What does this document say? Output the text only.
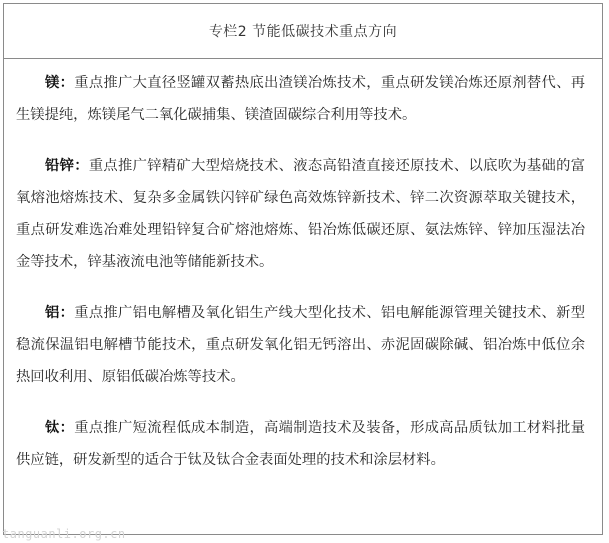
专栏2 节能低碳技术重点方向

镁：重点推广大直径竖罐双蓄热底出渣镁冶炼技术，重点研发镁冶炼还原剂替代、再生镁提纯，炼镁尾气二氧化碳捕集、镁渣固碳综合利用等技术。

铅锌：重点推广锌精矿大型焙烧技术、液态高铅渣直接还原技术、以底吹为基础的富氧熔池熔炼技术、复杂多金属铁闪锌矿绿色高效炼锌新技术、锌二次资源萃取关键技术，重点研发难选冶难处理铅锌复合矿熔池熔炼、铅冶炼低碳还原、氨法炼锌、锌加压湿法冶金等技术，锌基液流电池等储能新技术。

铝：重点推广铝电解槽及氧化铝生产线大型化技术、铝电解能源管理关键技术、新型稳流保温铝电解槽节能技术，重点研发氧化铝无钙溶出、赤泥固碳除碱、铝冶炼中低位余热回收利用、原铝低碳冶炼等技术。

钛：重点推广短流程低成本制造，高端制造技术及装备，形成高品质钛加工材料批量供应链，研发新型的适合于钛及钛合金表面处理的技术和涂层材料。

tanguanli.org.cn
